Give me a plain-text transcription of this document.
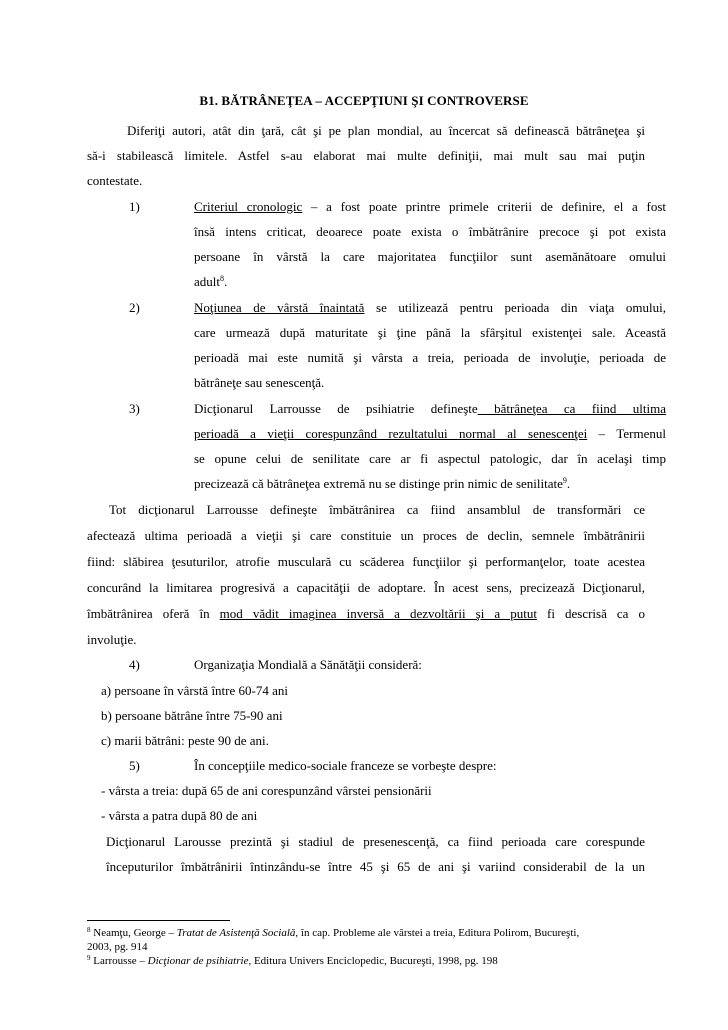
B1. BĂTRÂNEŢEA – ACCEPŢIUNI ŞI CONTROVERSE
Diferiţi autori, atât din ţară, cât şi pe plan mondial, au încercat să definească bătrâneţea şi
să-i stabilească limitele. Astfel s-au elaborat mai multe definiţii, mai mult sau mai puţin
contestate.
1)	Criteriul cronologic – a fost poate printre primele criterii de definire, el a fost
însă intens criticat, deoarece poate exista o îmbătrânire precoce şi pot exista
persoane în vârstă la care majoritatea funcţiilor sunt asemănătoare omului
adult$^8$.
2)	Noţiunea de vârstă înaintată se utilizează pentru perioada din viaţa omului,
care urmează după maturitate şi ţine până la sfârşitul existenţei sale. Această
perioadă mai este numită şi vârsta a treia, perioada de involuţie, perioada de
bătrâneţe sau senescenţă.
3)	Dicţionarul Larrousse de psihiatrie defineşte bătrâneţea ca fiind ultima
perioadă a vieţii corespunzând rezultatului normal al senescenţei – Termenul
se opune celui de senilitate care ar fi aspectul patologic, dar în acelaşi timp
precizează că bătrâneţea extremă nu se distinge prin nimic de senilitate$^9$.
Tot dicţionarul Larrousse defineşte îmbătrânirea ca fiind ansamblul de transformări ce
afectează ultima perioadă a vieţii şi care constituie un proces de declin, semnele îmbătrânirii
fiind: slăbirea ţesuturilor, atrofie musculară cu scăderea funcţiilor şi performanţelor, toate acestea
concurând la limitarea progresivă a capacităţii de adoptare. În acest sens, precizează Dicţionarul,
îmbătrânirea oferă în mod vădit imaginea inversă a dezvoltării şi a putut fi descrisă ca o
involuţie.
4)	Organizaţia Mondială a Sănătăţii consideră:
a) persoane în vârstă între 60-74 ani
b) persoane bătrâne între 75-90 ani
c) marii bătrâni: peste 90 de ani.
5)	În concepţiile medico-sociale franceze se vorbeşte despre:
- vârsta a treia: după 65 de ani corespunzând vârstei pensionării
- vârsta a patra după 80 de ani
Dicţionarul Larousse prezintă şi stadiul de presenescenţă, ca fiind perioada care corespunde
începuturilor îmbătrânirii întinzându-se între 45 şi 65 de ani şi variind considerabil de la un
$^8$ Neamţu, George – Tratat de Asistenţă Socială, în cap. Probleme ale vârstei a treia, Editura Polirom, Bucureşti,
2003, pg. 914
$^9$ Larrousse – Dicţionar de psihiatrie, Editura Univers Enciclopedic, Bucureşti, 1998, pg. 198
